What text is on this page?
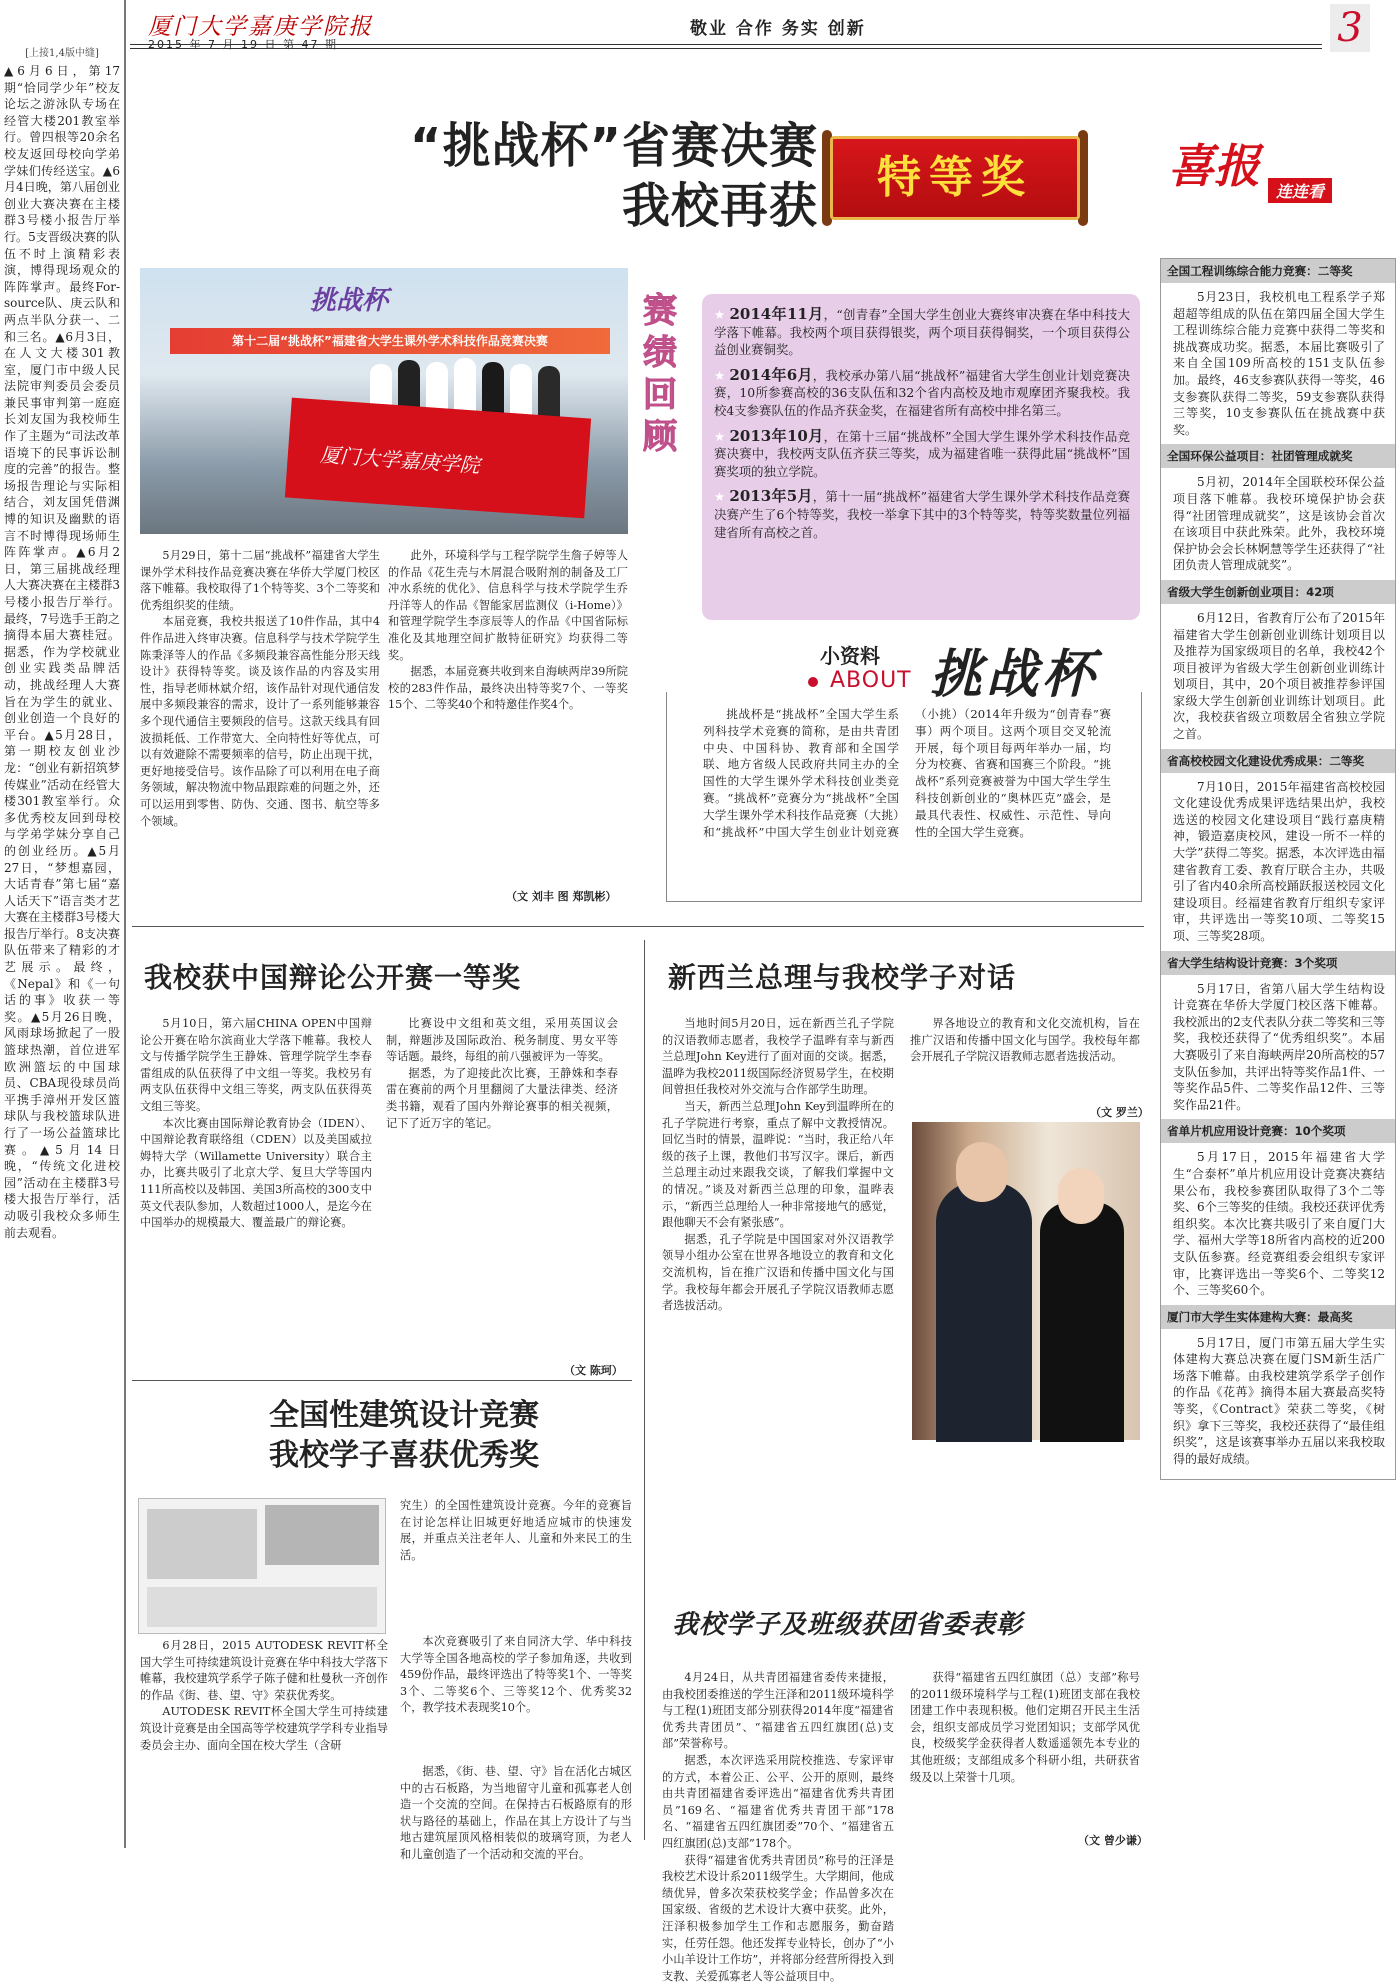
厦门大学嘉庚学院报
2015 年 7 月 19 日 第 47 期
敬业 合作 务实 创新	3
[上接1,4版中缝]

▲6月6日，第17期“恰同学少年”校友论坛之游泳队专场在经管大楼201教室举行。曾四根等20余名校友返回母校向学弟学妹们传经送宝。▲6月4日晚，第八届创业创业大赛决赛在主楼群3号楼小报告厅举行。5支晋级决赛的队伍不时上演精彩表演，博得现场观众的阵阵掌声。最终For-source队、庚云队和两点半队分获一、二和三名。▲6月3日，在人文大楼301教室，厦门市中级人民法院审判委员会委员兼民事审判第一庭庭长刘友国为我校师生作了主题为“司法改革语境下的民事诉讼制度的完善”的报告。整场报告理论与实际相结合，刘友国凭借渊博的知识及幽默的语言不时博得现场师生阵阵掌声。▲6月2日，第三届挑战经理人大赛决赛在主楼群3号楼小报告厅举行。最终，7号选手王韵之摘得本届大赛桂冠。据悉，作为学校就业创业实践类品牌活动，挑战经理人大赛旨在为学生的就业、创业创造一个良好的平台。▲5月28日，第一期校友创业沙龙：“创业有新招筑梦传媒业”活动在经管大楼301教室举行。众多优秀校友回到母校与学弟学妹分享自己的创业经历。▲5月27日，“梦想嘉园，大话青春”第七届“嘉人话天下”语言类才艺大赛在主楼群3号楼大报告厅举行。8支决赛队伍带来了精彩的才艺展示。最终，《Nepal》和《一句话的事》收获一等奖。▲5月26日晚，风雨球场掀起了一股篮球热潮，首位进军欧洲篮坛的中国球员、CBA现役球员尚平携手漳州开发区篮球队与我校篮球队进行了一场公益篮球比赛。▲5月14日晚，“传统文化进校园”活动在主楼群3号楼大报告厅举行，活动吸引我校众多师生前去观看。

“挑战杯”省赛决赛
我校再获
特等奖
挑战杯
第十二届“挑战杯”福建省大学生课外学术科技作品竞赛决赛
厦门大学嘉庚学院

5月29日，第十二届“挑战杯”福建省大学生课外学术科技作品竞赛决赛在华侨大学厦门校区落下帷幕。我校取得了1个特等奖、3个二等奖和优秀组织奖的佳绩。

本届竞赛，我校共报送了10件作品，其中4件作品进入终审决赛。信息科学与技术学院学生陈秉泽等人的作品《多频段兼容高性能分形天线设计》获得特等奖。谈及该作品的内容及实用性，指导老师林斌介绍，该作品针对现代通信发展中多频段兼容的需求，设计了一系列能够兼容多个现代通信主要频段的信号。这款天线具有回波损耗低、工作带宽大、全向特性好等优点，可以有效避除不需要频率的信号，防止出现干扰，更好地接受信号。该作品除了可以利用在电子商务领域，解决物流中物品跟踪难的问题之外，还可以运用到零售、防伪、交通、图书、航空等多个领域。

此外，环境科学与工程学院学生詹子婷等人的作品《花生壳与木屑混合吸附剂的制备及工厂冲水系统的优化》、信息科学与技术学院学生乔丹洋等人的作品《智能家居监测仪（i-Home）》和管理学院学生李彦辰等人的作品《中国省际标准化及其地理空间扩散特征研究》均获得二等奖。

据悉，本届竞赛共收到来自海峡两岸39所院校的283件作品，最终决出特等奖7个、一等奖15个、二等奖40个和特邀佳作奖4个。

（文 刘丰 图 郑凯彬）
赛绩回顾
★ 2014年11月，“创青春”全国大学生创业大赛终审决赛在华中科技大学落下帷幕。我校两个项目获得银奖，两个项目获得铜奖，一个项目获得公益创业赛铜奖。
★ 2014年6月，我校承办第八届“挑战杯”福建省大学生创业计划竞赛决赛，10所参赛高校的36支队伍和32个省内高校及地市观摩团齐聚我校。我校4支参赛队伍的作品齐获金奖，在福建省所有高校中排名第三。
★ 2013年10月，在第十三届“挑战杯”全国大学生课外学术科技作品竞赛决赛中，我校两支队伍齐获三等奖，成为福建省唯一获得此届“挑战杯”国赛奖项的独立学院。
★ 2013年5月，第十一届“挑战杯”福建省大学生课外学术科技作品竞赛决赛产生了6个特等奖，我校一举拿下其中的3个特等奖，特等奖数量位列福建省所有高校之首。
小资料
ABOUT 挑战杯

挑战杯是“挑战杯”全国大学生系列科技学术竞赛的简称，是由共青团中央、中国科协、教育部和全国学联、地方省级人民政府共同主办的全国性的大学生课外学术科技创业类竞赛。“挑战杯”竞赛分为“挑战杯”全国大学生课外学术科技作品竞赛（大挑）和“挑战杯”中国大学生创业计划竞赛（小挑）（2014年升级为“创青春”赛事）两个项目。这两个项目交叉轮流开展，每个项目每两年举办一届，均分为校赛、省赛和国赛三个阶段。“挑战杯”系列竞赛被誉为中国大学生学生科技创新创业的“奥林匹克”盛会，是最具代表性、权威性、示范性、导向性的全国大学生竞赛。

我校获中国辩论公开赛一等奖

5月10日，第六届CHINA OPEN中国辩论公开赛在哈尔滨商业大学落下帷幕。我校人文与传播学院学生王静姝、管理学院学生李春雷组成的队伍获得了中文组一等奖。我校另有两支队伍获得中文组三等奖，两支队伍获得英文组三等奖。

本次比赛由国际辩论教育协会（IDEN）、中国辩论教育联络组（CDEN）以及美国威拉姆特大学（Willamette University）联合主办，比赛共吸引了北京大学、复旦大学等国内111所高校以及韩国、美国3所高校的300支中英文代表队参加，人数超过1000人，是迄今在中国举办的规模最大、覆盖最广的辩论赛。

比赛设中文组和英文组，采用英国议会制，辩题涉及国际政治、税务制度、男女平等等话题。最终，每组的前八强被评为一等奖。

据悉，为了迎接此次比赛，王静姝和李春雷在赛前的两个月里翻阅了大量法律类、经济类书籍，观看了国内外辩论赛事的相关视频，记下了近万字的笔记。

（文 陈珂）
新西兰总理与我校学子对话

当地时间5月20日，远在新西兰孔子学院的汉语教师志愿者，我校学子温晔有幸与新西兰总理John Key进行了面对面的交谈。据悉，温晔为我校2011级国际经济贸易学生，在校期间曾担任我校对外交流与合作部学生助理。

当天，新西兰总理John Key到温晔所在的孔子学院进行考察，重点了解中文教授情况。回忆当时的情景，温晔说：“当时，我正给八年级的孩子上课，教他们书写汉字。课后，新西兰总理主动过来跟我交谈，了解我们掌握中文的情况。”谈及对新西兰总理的印象，温晔表示，“新西兰总理给人一种非常接地气的感觉，跟他聊天不会有紧张感”。

据悉，孔子学院是中国国家对外汉语教学领导小组办公室在世界各地设立的教育和文化交流机构，旨在推广汉语和传播中国文化与国学。我校每年都会开展孔子学院汉语教师志愿者选拔活动。

界各地设立的教育和文化交流机构，旨在推广汉语和传播中国文化与国学。我校每年都会开展孔子学院汉语教师志愿者选拔活动。

（文 罗兰）
全国性建筑设计竞赛
我校学子喜获优秀奖

究生）的全国性建筑设计竞赛。今年的竞赛旨在讨论怎样让旧城更好地适应城市的快速发展，并重点关注老年人、儿童和外来民工的生活。

本次竞赛吸引了来自同济大学、华中科技大学等全国各地高校的学子参加角逐，共收到459份作品，最终评选出了特等奖1个、一等奖3个、二等奖6个、三等奖12个、优秀奖32个，教学技术表现奖10个。

6月28日，2015 AUTODESK REVIT杯全国大学生可持续建筑设计竞赛在华中科技大学落下帷幕，我校建筑学系学子陈子健和杜曼秋一齐创作的作品《街、巷、望、守》荣获优秀奖。

AUTODESK REVIT杯全国大学生可持续建筑设计竞赛是由全国高等学校建筑学学科专业指导委员会主办、面向全国在校大学生（含研

据悉，《街、巷、望、守》旨在活化古城区中的古石板路，为当地留守儿童和孤寡老人创造一个交流的空间。在保持古石板路原有的形状与路径的基础上，作品在其上方设计了与当地古建筑屋顶风格相装似的玻璃穹顶，为老人和儿童创造了一个活动和交流的平台。

我校学子及班级获团省委表彰

4月24日，从共青团福建省委传来捷报，由我校团委推送的学生汪泽和2011级环境科学与工程(1)班团支部分别获得2014年度“福建省优秀共青团员”、“福建省五四红旗团(总)支部”荣誉称号。

据悉，本次评选采用院校推选、专家评审的方式，本着公正、公平、公开的原则，最终由共青团福建省委评选出“福建省优秀共青团员”169名、“福建省优秀共青团干部”178名、“福建省五四红旗团委”70个、“福建省五四红旗团(总)支部”178个。

获得“福建省优秀共青团员”称号的汪泽是我校艺术设计系2011级学生。大学期间，他成绩优异，曾多次荣获校奖学金；作品曾多次在国家级、省级的艺术设计大赛中获奖。此外，汪泽积极参加学生工作和志愿服务，勤奋踏实，任劳任怨。他还发挥专业特长，创办了“小小山羊设计工作坊”，并将部分经营所得投入到支教、关爱孤寡老人等公益项目中。

获得“福建省五四红旗团（总）支部”称号的2011级环境科学与工程(1)班团支部在我校团建工作中表现积极。他们定期召开民主生活会，组织支部成员学习党团知识；支部学风优良，校级奖学金获得者人数遥遥领先本专业的其他班级；支部组成多个科研小组，共研获省级及以上荣誉十几项。

（文 曾少谦）
喜报	连连看
全国工程训练综合能力竞赛：二等奖

5月23日，我校机电工程系学子郑超超等组成的队伍在第四届全国大学生工程训练综合能力竞赛中获得二等奖和挑战赛成功奖。据悉，本届比赛吸引了来自全国109所高校的151支队伍参加。最终，46支参赛队获得一等奖，46支参赛队获得二等奖，59支参赛队获得三等奖，10支参赛队伍在挑战赛中获奖。

全国环保公益项目：社团管理成就奖

5月初，2014年全国联校环保公益项目落下帷幕。我校环境保护协会获得“社团管理成就奖”，这是该协会首次在该项目中获此殊荣。此外，我校环境保护协会会长林婀慧等学生还获得了“社团负责人管理成就奖”。

省级大学生创新创业项目：42项

6月12日，省教育厅公布了2015年福建省大学生创新创业训练计划项目以及推荐为国家级项目的名单，我校42个项目被评为省级大学生创新创业训练计划项目，其中，20个项目被推荐参评国家级大学生创新创业训练计划项目。此次，我校获省级立项数居全省独立学院之首。

省高校校园文化建设优秀成果：二等奖

7月10日，2015年福建省高校校园文化建设优秀成果评选结果出炉，我校选送的校园文化建设项目“践行嘉庚精神，锻造嘉庚校风，建设一所不一样的大学”获得二等奖。据悉，本次评选由福建省教育工委、教育厅联合主办，共吸引了省内40余所高校踊跃报送校园文化建设项目。经福建省教育厅组织专家评审，共评选出一等奖10项、二等奖15项、三等奖28项。

省大学生结构设计竞赛：3个奖项

5月17日，省第八届大学生结构设计竞赛在华侨大学厦门校区落下帷幕。我校派出的2支代表队分获二等奖和三等奖，我校还获得了“优秀组织奖”。本届大赛吸引了来自海峡两岸20所高校的57支队伍参加，共评出特等奖作品1件、一等奖作品5件、二等奖作品12件、三等奖作品21件。

省单片机应用设计竞赛：10个奖项

5月17日，2015年福建省大学生“合泰杯”单片机应用设计竞赛决赛结果公布，我校参赛团队取得了3个二等奖、6个三等奖的佳绩。我校还获评优秀组织奖。本次比赛共吸引了来自厦门大学、福州大学等18所省内高校的近200支队伍参赛。经竞赛组委会组织专家评审，比赛评选出一等奖6个、二等奖12个、三等奖60个。

厦门市大学生实体建构大赛：最高奖

5月17日，厦门市第五届大学生实体建构大赛总决赛在厦门SM新生活广场落下帷幕。由我校建筑学系学子创作的作品《花苒》摘得本届大赛最高奖特等奖，《Contract》荣获二等奖，《树织》拿下三等奖，我校还获得了“最佳组织奖”，这是该赛事举办五届以来我校取得的最好成绩。
